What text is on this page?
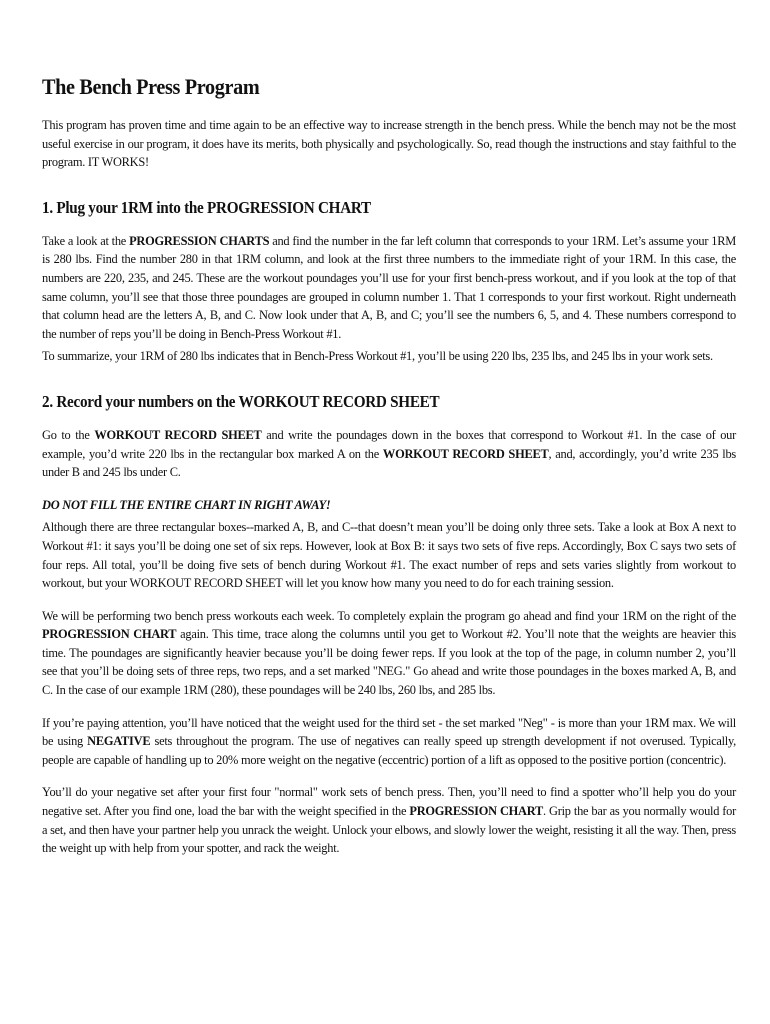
The Bench Press Program

This program has proven time and time again to be an effective way to increase strength in the bench press. While the bench may not be the most useful exercise in our program, it does have its merits, both physically and psychologically. So, read though the instructions and stay faithful to the program. IT WORKS!

1. Plug your 1RM into the PROGRESSION CHART

Take a look at the PROGRESSION CHARTS and find the number in the far left column that corresponds to your 1RM. Let’s assume your 1RM is 280 lbs. Find the number 280 in that 1RM column, and look at the first three numbers to the immediate right of your 1RM. In this case, the numbers are 220, 235, and 245. These are the workout poundages you’ll use for your first bench-press workout, and if you look at the top of that same column, you’ll see that those three poundages are grouped in column number 1. That 1 corresponds to your first workout. Right underneath that column head are the letters A, B, and C. Now look under that A, B, and C; you’ll see the numbers 6, 5, and 4. These numbers correspond to the number of reps you’ll be doing in Bench-Press Workout #1.

To summarize, your 1RM of 280 lbs indicates that in Bench-Press Workout #1, you’ll be using 220 lbs, 235 lbs, and 245 lbs in your work sets.

2. Record your numbers on the WORKOUT RECORD SHEET

Go to the WORKOUT RECORD SHEET and write the poundages down in the boxes that correspond to Workout #1. In the case of our example, you’d write 220 lbs in the rectangular box marked A on the WORKOUT RECORD SHEET, and, accordingly, you’d write 235 lbs under B and 245 lbs under C.

DO NOT FILL THE ENTIRE CHART IN RIGHT AWAY!

Although there are three rectangular boxes--marked A, B, and C--that doesn’t mean you’ll be doing only three sets. Take a look at Box A next to Workout #1: it says you’ll be doing one set of six reps. However, look at Box B: it says two sets of five reps. Accordingly, Box C says two sets of four reps. All total, you’ll be doing five sets of bench during Workout #1. The exact number of reps and sets varies slightly from workout to workout, but your WORKOUT RECORD SHEET will let you know how many you need to do for each training session.

We will be performing two bench press workouts each week. To completely explain the program go ahead and find your 1RM on the right of the PROGRESSION CHART again. This time, trace along the columns until you get to Workout #2. You’ll note that the weights are heavier this time. The poundages are significantly heavier because you’ll be doing fewer reps. If you look at the top of the page, in column number 2, you’ll see that you’ll be doing sets of three reps, two reps, and a set marked "NEG." Go ahead and write those poundages in the boxes marked A, B, and C. In the case of our example 1RM (280), these poundages will be 240 lbs, 260 lbs, and 285 lbs.

If you’re paying attention, you’ll have noticed that the weight used for the third set - the set marked "Neg" - is more than your 1RM max. We will be using NEGATIVE sets throughout the program. The use of negatives can really speed up strength development if not overused. Typically, people are capable of handling up to 20% more weight on the negative (eccentric) portion of a lift as opposed to the positive portion (concentric).

You’ll do your negative set after your first four "normal" work sets of bench press. Then, you’ll need to find a spotter who’ll help you do your negative set. After you find one, load the bar with the weight specified in the PROGRESSION CHART. Grip the bar as you normally would for a set, and then have your partner help you unrack the weight. Unlock your elbows, and slowly lower the weight, resisting it all the way. Then, press the weight up with help from your spotter, and rack the weight.
